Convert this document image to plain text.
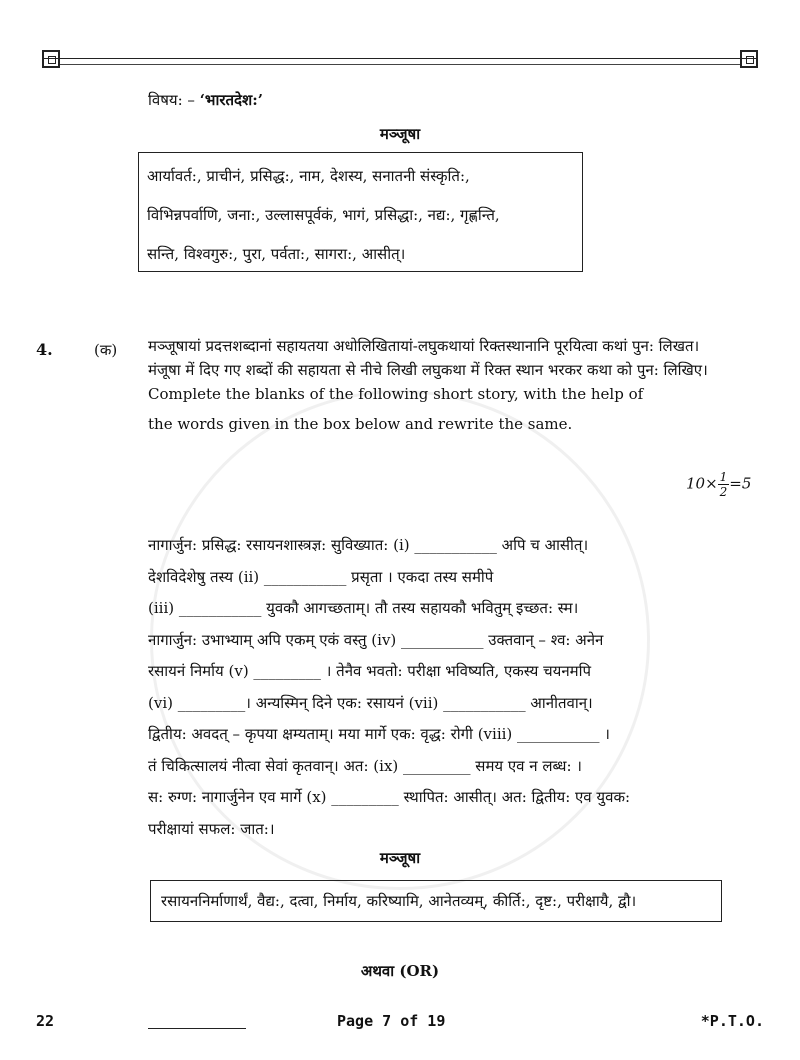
विषय: – ‘भारतदेश:’
मञ्जूषा
आर्यावर्त:, प्राचीनं, प्रसिद्ध:, नाम, देशस्य, सनातनी संस्कृति:,
विभिन्नपर्वाणि, जना:, उल्लासपूर्वकं, भागं, प्रसिद्धा:, नद्य:, गृह्णन्ति,
सन्ति, विश्वगुरु:, पुरा, पर्वता:, सागरा:, आसीत्।
4.	(क) मञ्जूषायां प्रदत्तशब्दानां सहायतया अधोलिखितायां-लघुकथायां रिक्तस्थानानि पूरयित्वा कथां पुन: लिखत।
मंजूषा में दिए गए शब्दों की सहायता से नीचे लिखी लघुकथा में रिक्त स्थान भरकर कथा को पुन: लिखिए।
Complete the blanks of the following short story, with the help of
the words given in the box below and rewrite the same.
$10\times \frac{1}{2} =5$
नागार्जुन: प्रसिद्ध: रसायनशास्त्रज्ञ: सुविख्यात: (i) ___________ अपि च आसीत्।
देशविदेशेषु तस्य (ii) ___________ प्रसृता । एकदा तस्य समीपे
(iii) ___________ युवकौ आगच्छताम्। तौ तस्य सहायकौ भवितुम् इच्छत: स्म।
नागार्जुन: उभाभ्याम् अपि एकम् एकं वस्तु (iv) ___________ उक्तवान् – श्व: अनेन
रसायनं निर्माय (v) _________ । तेनैव भवतो: परीक्षा भविष्यति, एकस्य चयनमपि
(vi) _________। अन्यस्मिन् दिने एक: रसायनं (vii) ___________ आनीतवान्।
द्वितीय: अवदत् – कृपया क्षम्यताम्। मया मार्गे एक: वृद्ध: रोगी (viii) ___________ ।
तं चिकित्सालयं नीत्वा सेवां कृतवान्। अत: (ix) _________ समय एव न लब्ध: ।
स: रुग्ण: नागार्जुनेन एव मार्गे (x) _________ स्थापित: आसीत्। अत: द्वितीय: एव युवक:
परीक्षायां सफल: जात:।
मञ्जूषा
रसायननिर्माणार्थं, वैद्य:, दत्वा, निर्माय, करिष्यामि, आनेतव्यम्, कीर्ति:, दृष्ट:, परीक्षायै, द्वौ।
अथवा (OR)
22	Page 7 of 19	*P.T.O.
